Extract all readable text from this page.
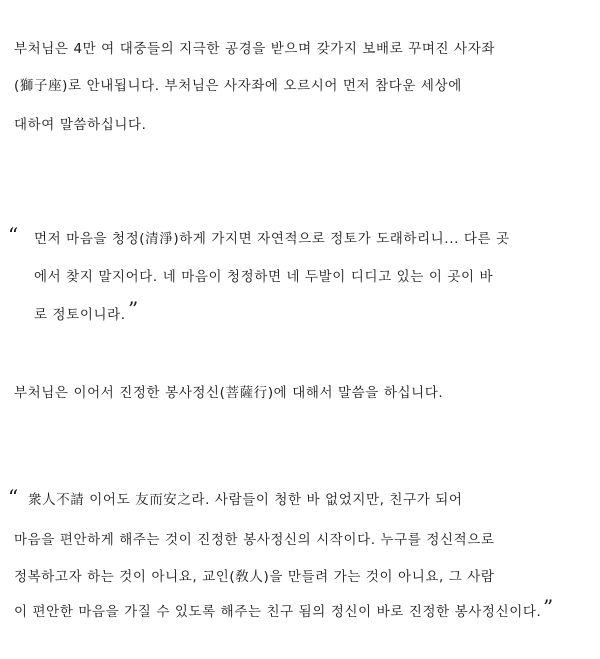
부처님은 4만 여 대중들의 지극한 공경을 받으며 갖가지 보배로 꾸며진 사자좌
(獅子座)로 안내됩니다. 부처님은 사자좌에 오르시어 먼저 참다운 세상에
대하여 말씀하십니다.
“ 먼저 마음을 청정(清淨)하게 가지면 자연적으로 정토가 도래하리니... 다른 곳
에서 찾지 말지어다. 네 마음이 청정하면 네 두발이 디디고 있는 이 곳이 바
로 정토이니라. ”
부처님은 이어서 진정한 봉사정신(菩薩行)에 대해서 말씀을 하십니다.
“ 衆人不請 이어도 友而安之라. 사람들이 청한 바 없었지만, 친구가 되어
마음을 편안하게 해주는 것이 진정한 봉사정신의 시작이다. 누구를 정신적으로
정복하고자 하는 것이 아니요, 교인(敎人)을 만들려 가는 것이 아니요, 그 사람
이 편안한 마음을 가질 수 있도록 해주는 친구 됨의 정신이 바로 진정한 봉사정신이다. ”
